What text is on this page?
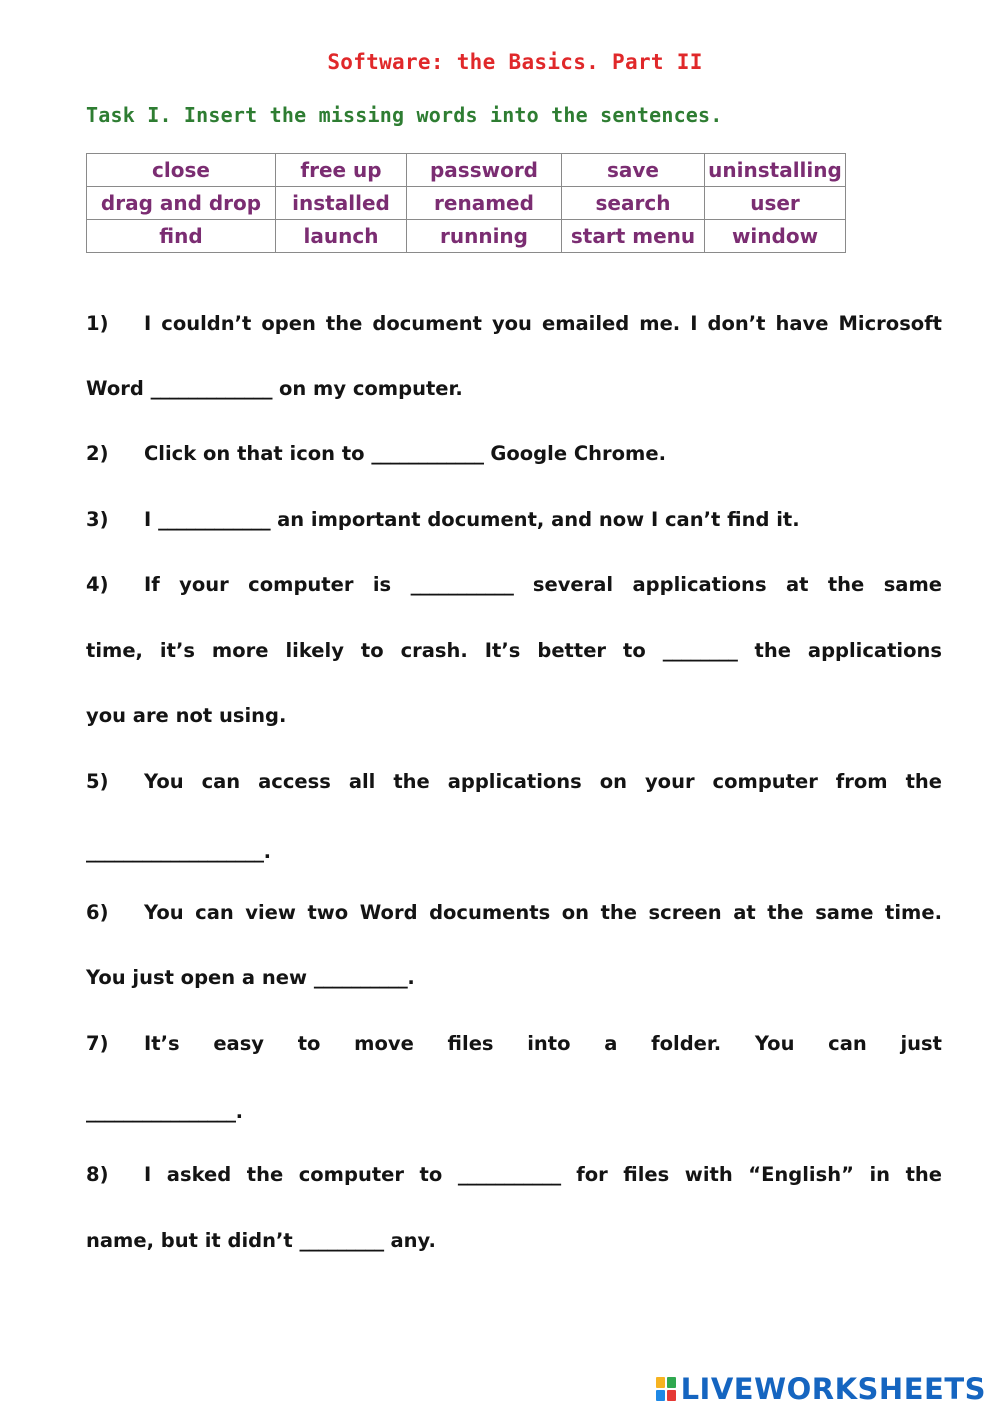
Software: the Basics. Part II
Task I. Insert the missing words into the sentences.
close	free up	password	save	uninstalling
drag and drop	installed	renamed	search	user
find	launch	running	start menu	window
1) I couldn’t open the document you emailed me. I don’t have Microsoft
Word _____________ on my computer.
2) Click on that icon to ____________ Google Chrome.
3) I ____________ an important document, and now I can’t find it.
4) If your computer is ___________ several applications at the same
time, it’s more likely to crash. It’s better to ________ the applications
you are not using.
5) You can access all the applications on your computer from the
___________________.
6) You can view two Word documents on the screen at the same time.
You just open a new __________.
7) It’s easy to move files into a folder. You can just
________________.
8) I asked the computer to ___________ for files with “English” in the
name, but it didn’t _________ any.
LIVEWORKSHEETS
